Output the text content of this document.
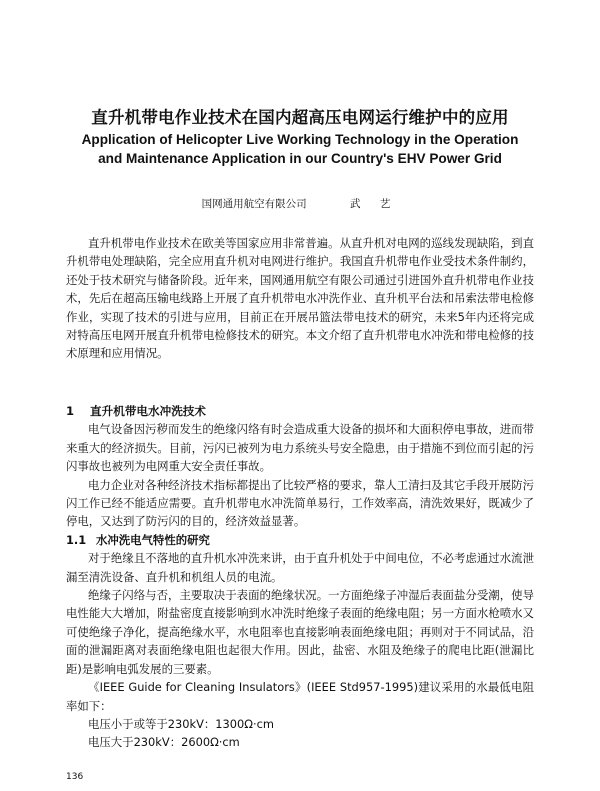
直升机带电作业技术在国内超高压电网运行维护中的应用
Application of Helicopter Live Working Technology in the Operation
and Maintenance Application in our Country's EHV Power Grid
国网通用航空有限公司	武 艺

直升机带电作业技术在欧美等国家应用非常普遍。从直升机对电网的巡线发现缺陷，到直升机带电处理缺陷，完全应用直升机对电网进行维护。我国直升机带电作业受技术条件制约，还处于技术研究与储备阶段。近年来，国网通用航空有限公司通过引进国外直升机带电作业技术，先后在超高压输电线路上开展了直升机带电水冲洗作业、直升机平台法和吊索法带电检修作业，实现了技术的引进与应用，目前正在开展吊篮法带电技术的研究，未来5年内还将完成对特高压电网开展直升机带电检修技术的研究。本文介绍了直升机带电水冲洗和带电检修的技术原理和应用情况。

1 直升机带电水冲洗技术

电气设备因污秽而发生的绝缘闪络有时会造成重大设备的损坏和大面积停电事故，进而带来重大的经济损失。目前，污闪已被列为电力系统头号安全隐患，由于措施不到位而引起的污闪事故也被列为电网重大安全责任事故。

电力企业对各种经济技术指标都提出了比较严格的要求，靠人工清扫及其它手段开展防污闪工作已经不能适应需要。直升机带电水冲洗简单易行，工作效率高，清洗效果好，既减少了停电，又达到了防污闪的目的，经济效益显著。

1.1 水冲洗电气特性的研究

对于绝缘且不落地的直升机水冲洗来讲，由于直升机处于中间电位，不必考虑通过水流泄漏至清洗设备、直升机和机组人员的电流。

绝缘子闪络与否，主要取决于表面的绝缘状况。一方面绝缘子冲湿后表面盐分受潮，使导电性能大大增加，附盐密度直接影响到水冲洗时绝缘子表面的绝缘电阻；另一方面水枪喷水又可使绝缘子净化，提高绝缘水平，水电阻率也直接影响表面绝缘电阻；再则对于不同试品，沿面的泄漏距离对表面绝缘电阻也起很大作用。因此，盐密、水阻及绝缘子的爬电比距(泄漏比距)是影响电弧发展的三要素。

《IEEE Guide for Cleaning Insulators》(IEEE Std957-1995)建议采用的水最低电阻率如下：

电压小于或等于230kV：1300Ω·cm
电压大于230kV：2600Ω·cm
136
